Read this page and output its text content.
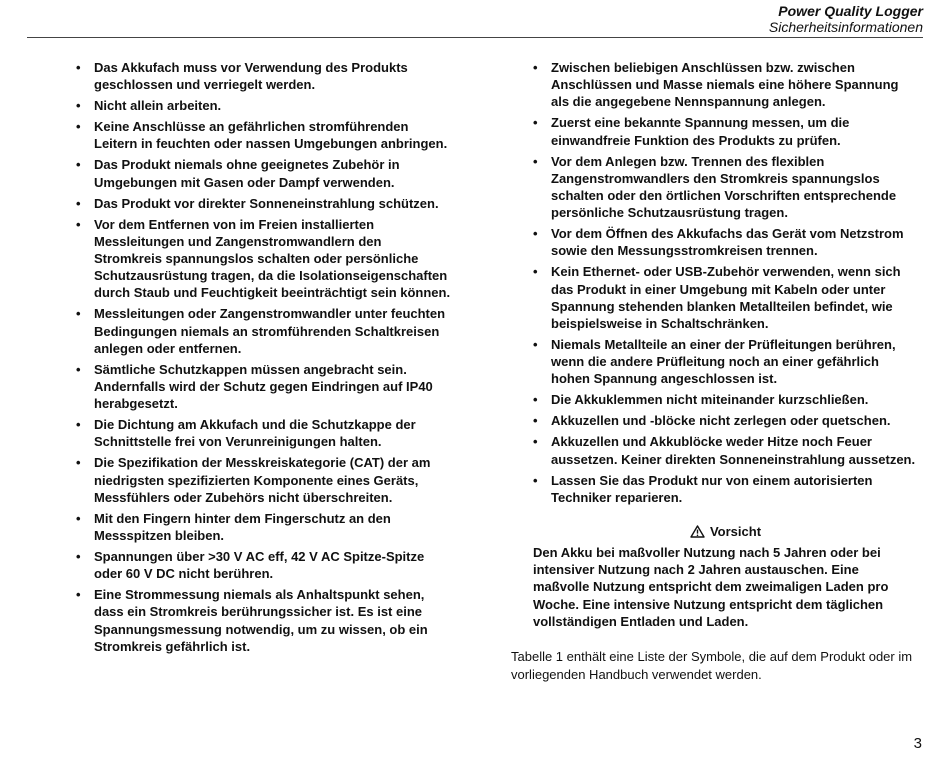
Power Quality Logger
Sicherheitsinformationen
• Das Akkufach muss vor Verwendung des Produkts geschlossen und verriegelt werden.
• Nicht allein arbeiten.
• Keine Anschlüsse an gefährlichen stromführenden Leitern in feuchten oder nassen Umgebungen anbringen.
• Das Produkt niemals ohne geeignetes Zubehör in Umgebungen mit Gasen oder Dampf verwenden.
• Das Produkt vor direkter Sonneneinstrahlung schützen.
• Vor dem Entfernen von im Freien installierten Messleitungen und Zangenstromwandlern den Stromkreis spannungslos schalten oder persönliche Schutzausrüstung tragen, da die Isolationseigenschaften durch Staub und Feuchtigkeit beeinträchtigt sein können.
• Messleitungen oder Zangenstromwandler unter feuchten Bedingungen niemals an stromführenden Schaltkreisen anlegen oder entfernen.
• Sämtliche Schutzkappen müssen angebracht sein. Andernfalls wird der Schutz gegen Eindringen auf IP40 herabgesetzt.
• Die Dichtung am Akkufach und die Schutzkappe der Schnittstelle frei von Verunreinigungen halten.
• Die Spezifikation der Messkreiskategorie (CAT) der am niedrigsten spezifizierten Komponente eines Geräts, Messfühlers oder Zubehörs nicht überschreiten.
• Mit den Fingern hinter dem Fingerschutz an den Messspitzen bleiben.
• Spannungen über >30 V AC eff, 42 V AC Spitze-Spitze oder 60 V DC nicht berühren.
• Eine Strommessung niemals als Anhaltspunkt sehen, dass ein Stromkreis berührungssicher ist. Es ist eine Spannungsmessung notwendig, um zu wissen, ob ein Stromkreis gefährlich ist.
• Zwischen beliebigen Anschlüssen bzw. zwischen Anschlüssen und Masse niemals eine höhere Spannung als die angegebene Nennspannung anlegen.
• Zuerst eine bekannte Spannung messen, um die einwandfreie Funktion des Produkts zu prüfen.
• Vor dem Anlegen bzw. Trennen des flexiblen Zangenstromwandlers den Stromkreis spannungslos schalten oder den örtlichen Vorschriften entsprechende persönliche Schutzausrüstung tragen.
• Vor dem Öffnen des Akkufachs das Gerät vom Netzstrom sowie den Messungsstromkreisen trennen.
• Kein Ethernet- oder USB-Zubehör verwenden, wenn sich das Produkt in einer Umgebung mit Kabeln oder unter Spannung stehenden blanken Metallteilen befindet, wie beispielsweise in Schaltschränken.
• Niemals Metallteile an einer der Prüfleitungen berühren, wenn die andere Prüfleitung noch an einer gefährlich hohen Spannung angeschlossen ist.
• Die Akkuklemmen nicht miteinander kurzschließen.
• Akkuzellen und -blöcke nicht zerlegen oder quetschen.
• Akkuzellen und Akkublöcke weder Hitze noch Feuer aussetzen. Keiner direkten Sonneneinstrahlung aussetzen.
• Lassen Sie das Produkt nur von einem autorisierten Techniker reparieren.
Vorsicht
Den Akku bei maßvoller Nutzung nach 5 Jahren oder bei intensiver Nutzung nach 2 Jahren austauschen. Eine maßvolle Nutzung entspricht dem zweimaligen Laden pro Woche. Eine intensive Nutzung entspricht dem täglichen vollständigen Entladen und Laden.
Tabelle 1 enthält eine Liste der Symbole, die auf dem Produkt oder im vorliegenden Handbuch verwendet werden.
3
